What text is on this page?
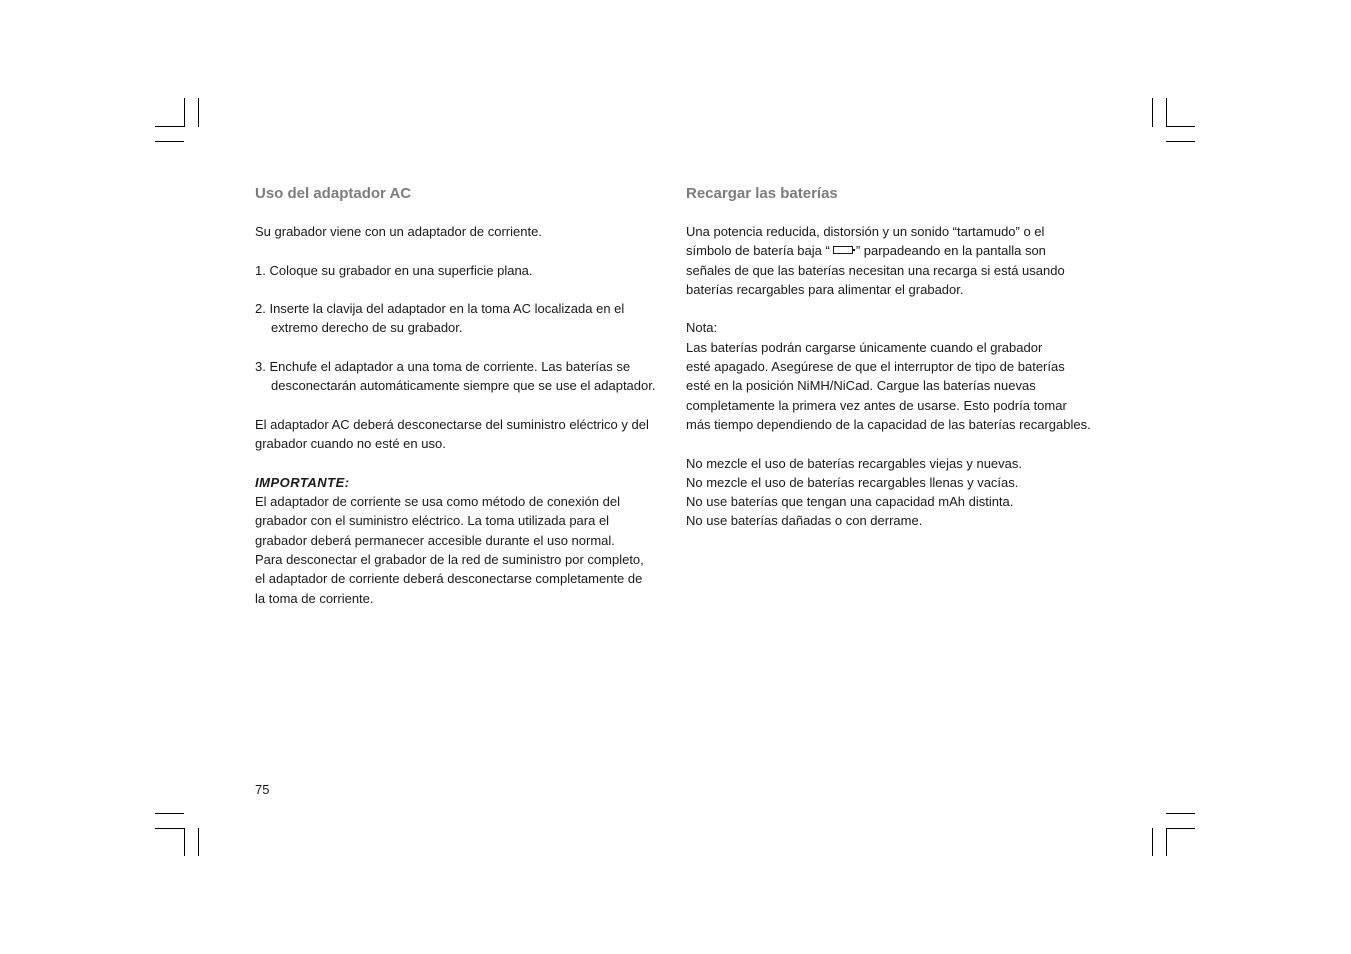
Uso del adaptador AC

Su grabador viene con un adaptador de corriente.

1. Coloque su grabador en una superficie plana.

2. Inserte la clavija del adaptador en la toma AC localizada en el

extremo derecho de su grabador.

3. Enchufe el adaptador a una toma de corriente. Las baterías se

desconectarán automáticamente siempre que se use el adaptador.

El adaptador AC deberá desconectarse del suministro eléctrico y del

grabador cuando no esté en uso.

IMPORTANTE:

El adaptador de corriente se usa como método de conexión del

grabador con el suministro eléctrico. La toma utilizada para el

grabador deberá permanecer accesible durante el uso normal.

Para desconectar el grabador de la red de suministro por completo,

el adaptador de corriente deberá desconectarse completamente de

la toma de corriente.

Recargar las baterías

Una potencia reducida, distorsión y un sonido “tartamudo” o el

símbolo de batería baja “ ” parpadeando en la pantalla son

señales de que las baterías necesitan una recarga si está usando

baterías recargables para alimentar el grabador.

Nota:

Las baterías podrán cargarse únicamente cuando el grabador

esté apagado. Asegúrese de que el interruptor de tipo de baterías

esté en la posición NiMH/NiCad. Cargue las baterías nuevas

completamente la primera vez antes de usarse. Esto podría tomar

más tiempo dependiendo de la capacidad de las baterías recargables.

No mezcle el uso de baterías recargables viejas y nuevas.

No mezcle el uso de baterías recargables llenas y vacías.

No use baterías que tengan una capacidad mAh distinta.

No use baterías dañadas o con derrame.

75
